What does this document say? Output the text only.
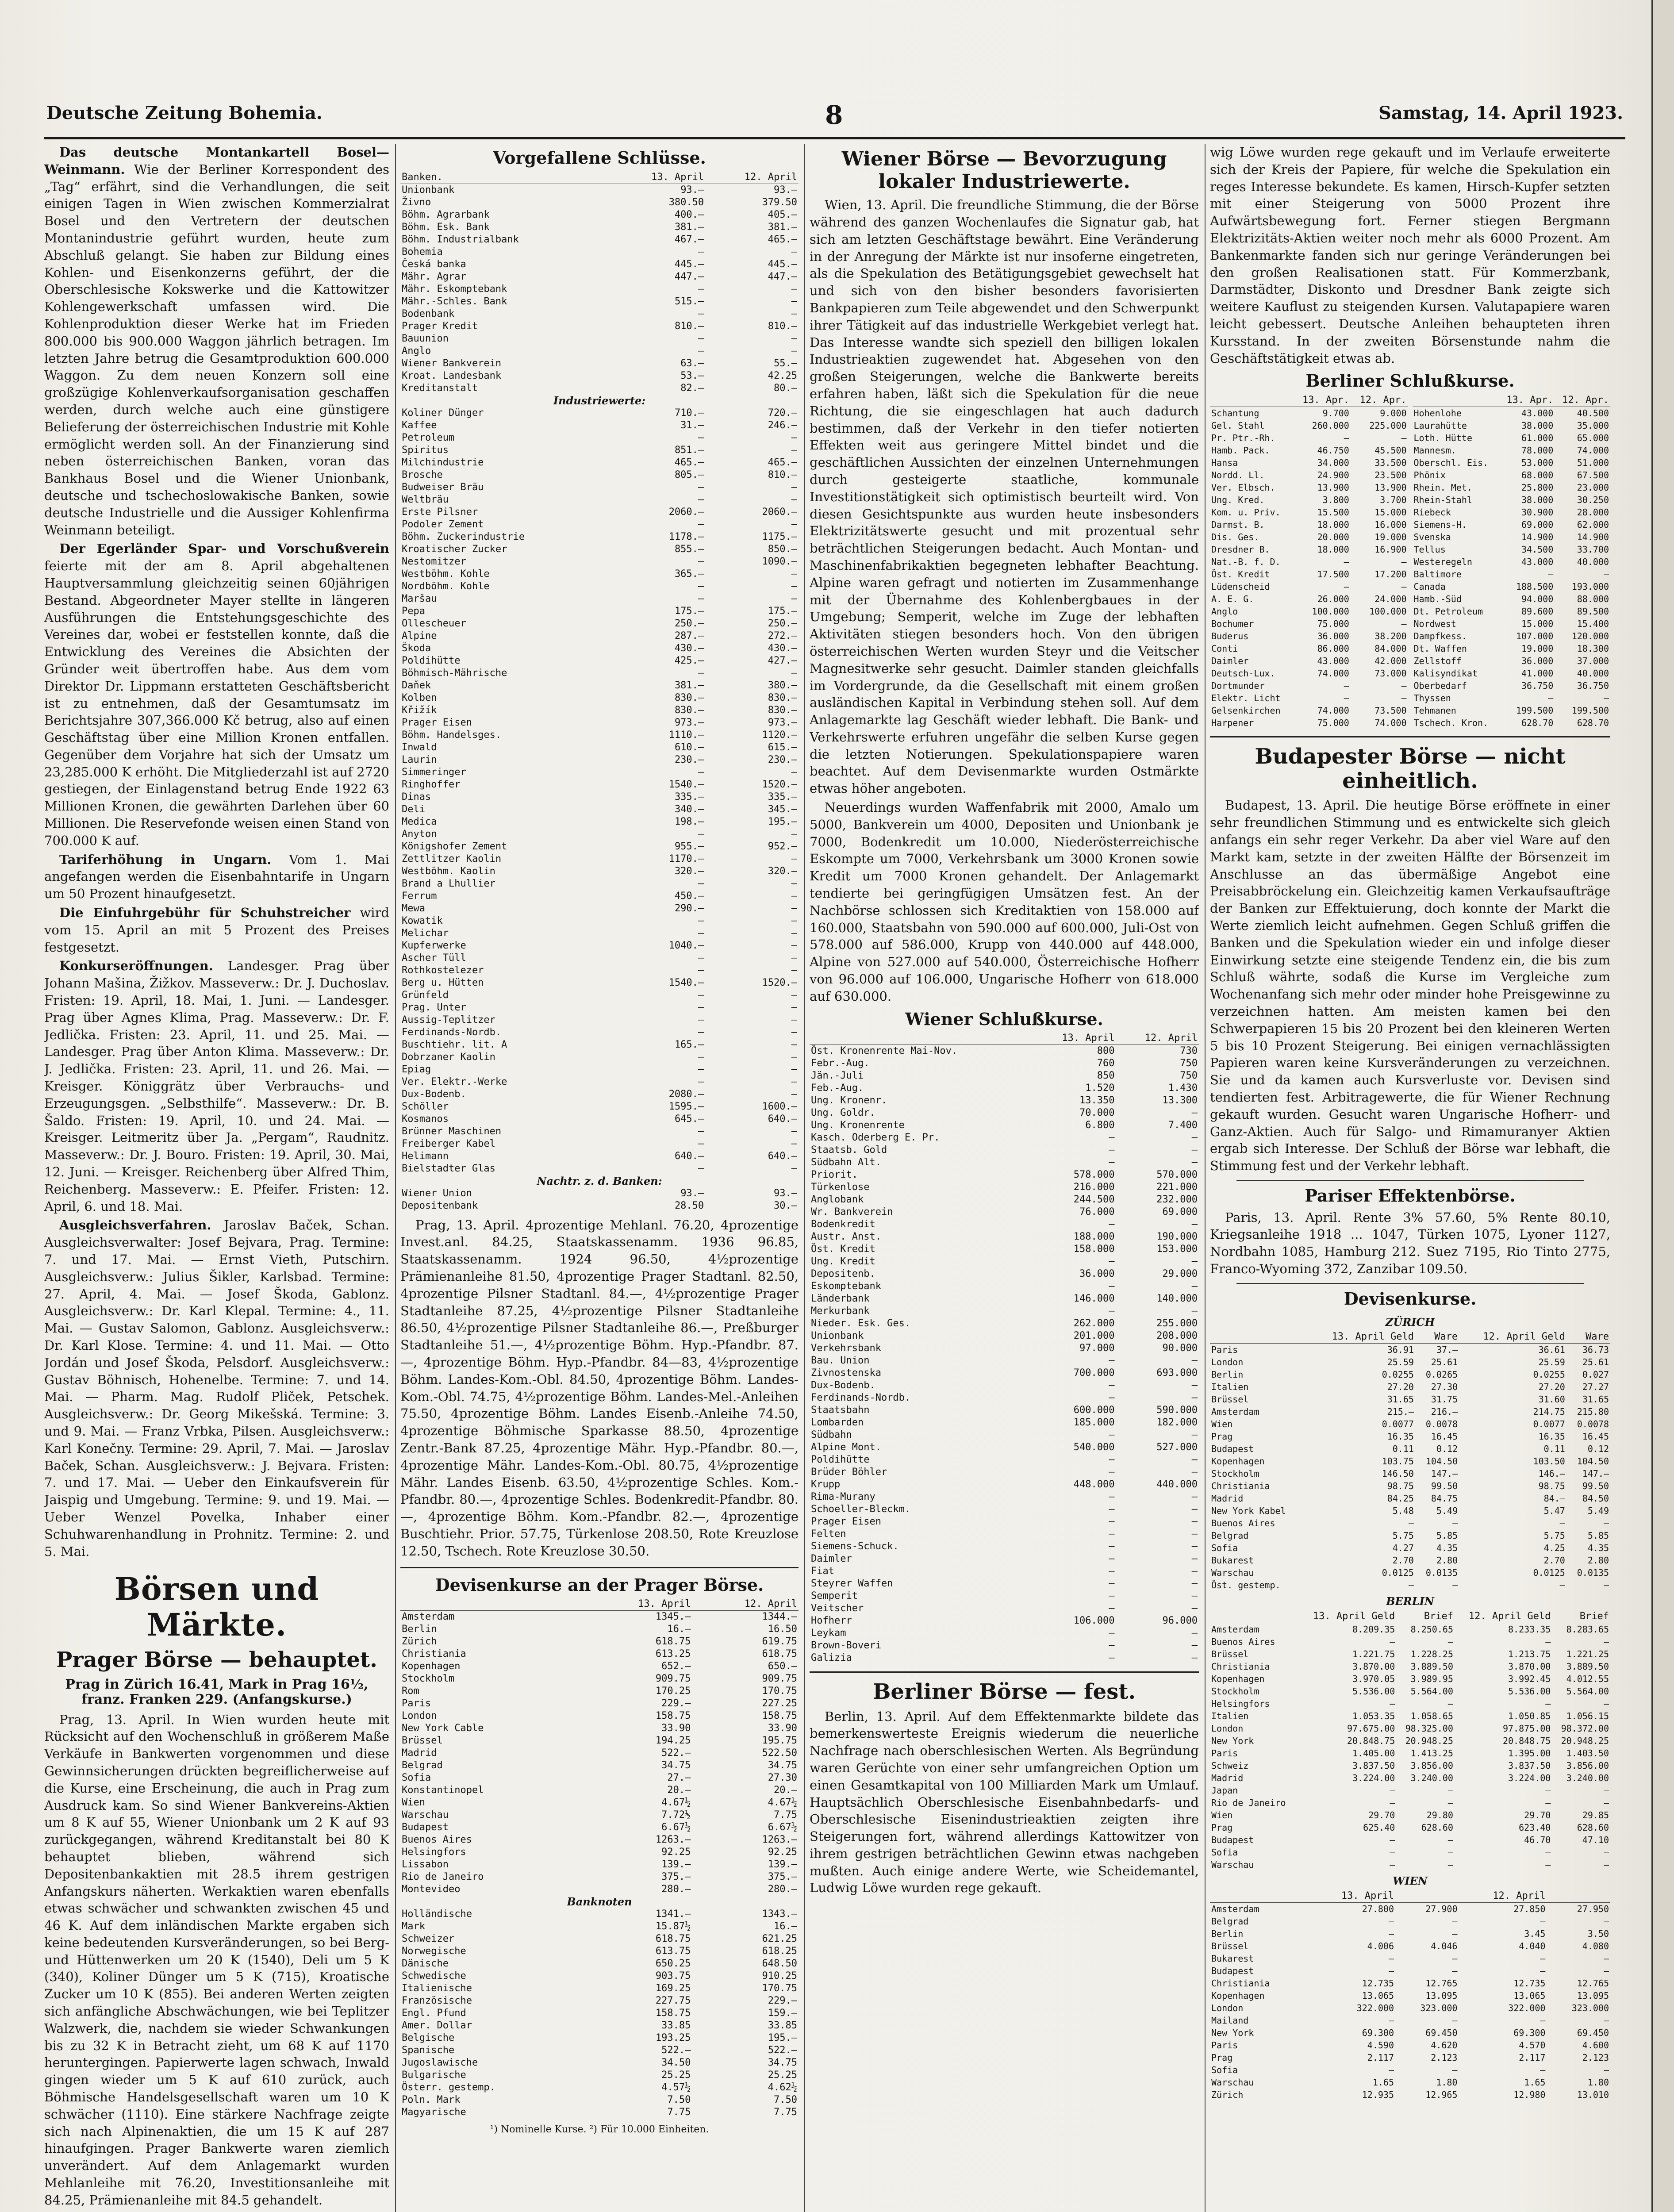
Deutsche Zeitung Bohemia.	8	Samstag, 14. April 1923.

Das deutsche Montankartell Bosel—Weinmann. Wie der Berliner Korrespondent des „Tag“ erfährt, sind die Verhandlungen, die seit einigen Tagen in Wien zwischen Kommerzialrat Bosel und den Vertretern der deutschen Montanindustrie geführt wurden, heute zum Abschluß gelangt. Sie haben zur Bildung eines Kohlen- und Eisenkonzerns geführt, der die Oberschlesische Kokswerke und die Kattowitzer Kohlengewerkschaft umfassen wird. Die Kohlenproduktion dieser Werke hat im Frieden 800.000 bis 900.000 Waggon jährlich betragen. Im letzten Jahre betrug die Gesamtproduktion 600.000 Waggon. Zu dem neuen Konzern soll eine großzügige Kohlenverkaufsorganisation geschaffen werden, durch welche auch eine günstigere Belieferung der österreichischen Industrie mit Kohle ermöglicht werden soll. An der Finanzierung sind neben österreichischen Banken, voran das Bankhaus Bosel und die Wiener Unionbank, deutsche und tschechoslowakische Banken, sowie deutsche Industrielle und die Aussiger Kohlenfirma Weinmann beteiligt.

Der Egerländer Spar- und Vorschußverein feierte mit der am 8. April abgehaltenen Hauptversammlung gleichzeitig seinen 60jährigen Bestand. Abgeordneter Mayer stellte in längeren Ausführungen die Entstehungsgeschichte des Vereines dar, wobei er feststellen konnte, daß die Entwicklung des Vereines die Absichten der Gründer weit übertroffen habe. Aus dem vom Direktor Dr. Lippmann erstatteten Geschäftsbericht ist zu entnehmen, daß der Gesamtumsatz im Berichtsjahre 307,366.000 Kč betrug, also auf einen Geschäftstag über eine Million Kronen entfallen. Gegenüber dem Vorjahre hat sich der Umsatz um 23,285.000 K erhöht. Die Mitgliederzahl ist auf 2720 gestiegen, der Einlagenstand betrug Ende 1922 63 Millionen Kronen, die gewährten Darlehen über 60 Millionen. Die Reservefonde weisen einen Stand von 700.000 K auf.

Tariferhöhung in Ungarn. Vom 1. Mai angefangen werden die Eisenbahntarife in Ungarn um 50 Prozent hinaufgesetzt.

Die Einfuhrgebühr für Schuhstreicher wird vom 15. April an mit 5 Prozent des Preises festgesetzt.

Konkurseröffnungen. Landesger. Prag über Johann Mašina, Žižkov. Masseverw.: Dr. J. Duchoslav. Fristen: 19. April, 18. Mai, 1. Juni. — Landesger. Prag über Agnes Klima, Prag. Masseverw.: Dr. F. Jedlička. Fristen: 23. April, 11. und 25. Mai. — Landesger. Prag über Anton Klima. Masseverw.: Dr. J. Jedlička. Fristen: 23. April, 11. und 26. Mai. — Kreisger. Königgrätz über Verbrauchs- und Erzeugungsgen. „Selbsthilfe“. Masseverw.: Dr. B. Šaldo. Fristen: 19. April, 10. und 24. Mai. — Kreisger. Leitmeritz über Ja. „Pergam“, Raudnitz. Masseverw.: Dr. J. Bouro. Fristen: 19. April, 30. Mai, 12. Juni. — Kreisger. Reichenberg über Alfred Thim, Reichenberg. Masseverw.: E. Pfeifer. Fristen: 12. April, 6. und 18. Mai.

Ausgleichsverfahren. Jaroslav Baček, Schan. Ausgleichsverwalter: Josef Bejvara, Prag. Termine: 7. und 17. Mai. — Ernst Vieth, Putschirn. Ausgleichsverw.: Julius Šikler, Karlsbad. Termine: 27. April, 4. Mai. — Josef Škoda, Gablonz. Ausgleichsverw.: Dr. Karl Klepal. Termine: 4., 11. Mai. — Gustav Salomon, Gablonz. Ausgleichsverw.: Dr. Karl Klose. Termine: 4. und 11. Mai. — Otto Jordán und Josef Škoda, Pelsdorf. Ausgleichsverw.: Gustav Böhnisch, Hohenelbe. Termine: 7. und 14. Mai. — Pharm. Mag. Rudolf Pliček, Petschek. Ausgleichsverw.: Dr. Georg Mikešská. Termine: 3. und 9. Mai. — Franz Vrbka, Pilsen. Ausgleichsverw.: Karl Konečny. Termine: 29. April, 7. Mai. — Jaroslav Baček, Schan. Ausgleichsverw.: J. Bejvara. Fristen: 7. und 17. Mai. — Ueber den Einkaufsverein für Jaispig und Umgebung. Termine: 9. und 19. Mai. — Ueber Wenzel Povelka, Inhaber einer Schuhwarenhandlung in Prohnitz. Termine: 2. und 5. Mai.

Börsen und Märkte.
Prager Börse — behauptet.
Prag in Zürich 16.41, Mark in Prag 16½, franz. Franken 229. (Anfangskurse.)

Prag, 13. April. In Wien wurden heute mit Rücksicht auf den Wochenschluß in größerem Maße Verkäufe in Bankwerten vorgenommen und diese Gewinnsicherungen drückten begreiflicherweise auf die Kurse, eine Erscheinung, die auch in Prag zum Ausdruck kam. So sind Wiener Bankvereins-Aktien um 8 K auf 55, Wiener Unionbank um 2 K auf 93 zurückgegangen, während Kreditanstalt bei 80 K behauptet blieben, während sich Depositenbankaktien mit 28.5 ihrem gestrigen Anfangskurs näherten. Werkaktien waren ebenfalls etwas schwächer und schwankten zwischen 45 und 46 K. Auf dem inländischen Markte ergaben sich keine bedeutenden Kursveränderungen, so bei Berg- und Hüttenwerken um 20 K (1540), Deli um 5 K (340), Koliner Dünger um 5 K (715), Kroatische Zucker um 10 K (855). Bei anderen Werten zeigten sich anfängliche Abschwächungen, wie bei Teplitzer Walzwerk, die, nachdem sie wieder Schwankungen bis zu 32 K in Betracht zieht, um 68 K auf 1170 heruntergingen. Papierwerte lagen schwach, Inwald gingen wieder um 5 K auf 610 zurück, auch Böhmische Handelsgesellschaft waren um 10 K schwächer (1110). Eine stärkere Nachfrage zeigte sich nach Alpinenaktien, die um 15 K auf 287 hinaufgingen. Prager Bankwerte waren ziemlich unverändert. Auf dem Anlagemarkt wurden Mehlanleihe mit 76.20, Investitionsanleihe mit 84.25, Prämienanleihe mit 84.5 gehandelt.

Vorgefallene Schlüsse.
Banken.	13. April	12. April
Unionbank	93.—	93.—
Živno	380.50	379.50
Böhm. Agrarbank	400.—	405.—
Böhm. Esk. Bank	381.—	381.—
Böhm. Industrialbank	467.—	465.—
Bohemia	—	—
Česká banka	445.—	445.—
Mähr. Agrar	447.—	447.—
Mähr. Eskomptebank	—	—
Mähr.-Schles. Bank	515.—	—
Bodenbank	—	—
Prager Kredit	810.—	810.—
Bauunion	—	—
Anglo	—	—
Wiener Bankverein	63.—	55.—
Kroat. Landesbank	53.—	42.25
Kreditanstalt	82.—	80.—
Industriewerte:		
Koliner Dünger	710.—	720.—
Kaffee	31.—	246.—
Petroleum	—	—
Spiritus	851.—	—
Milchindustrie	465.—	465.—
Brosche	805.—	810.—
Budweiser Bräu	—	—
Weltbräu	—	—
Erste Pilsner	2060.—	2060.—
Podoler Zement	—	—
Böhm. Zuckerindustrie	1178.—	1175.—
Kroatischer Zucker	855.—	850.—
Nestomitzer	—	1090.—
Westböhm. Kohle	365.—	—
Nordböhm. Kohle	—	—
Maršau	—	—
Pepa	175.—	175.—
Ollescheuer	250.—	250.—
Alpine	287.—	272.—
Škoda	430.—	430.—
Poldihütte	425.—	427.—
Böhmisch-Mährische	—	—
Daňek	381.—	380.—
Kolben	830.—	830.—
Křižík	830.—	830.—
Prager Eisen	973.—	973.—
Böhm. Handelsges.	1110.—	1120.—
Inwald	610.—	615.—
Laurin	230.—	230.—
Simmeringer	—	—
Ringhoffer	1540.—	1520.—
Dinas	335.—	335.—
Deli	340.—	345.—
Medica	198.—	195.—
Anyton	—	—
Königshofer Zement	955.—	952.—
Zettlitzer Kaolin	1170.—	—
Westböhm. Kaolin	320.—	320.—
Brand a Lhullier	—	—
Ferrum	450.—	—
Mewa	290.—	—
Kowatik	—	—
Melichar	—	—
Kupferwerke	1040.—	—
Ascher Tüll	—	—
Rothkostelezer	—	—
Berg u. Hütten	1540.—	1520.—
Grünfeld	—	—
Prag. Unter	—	—
Aussig-Teplitzer	—	—
Ferdinands-Nordb.	—	—
Buschtiehr. lit. A	165.—	—
Dobrzaner Kaolin	—	—
Epiag	—	—
Ver. Elektr.-Werke	—	—
Dux-Bodenb.	2080.—	—
Schöller	1595.—	1600.—
Kosmanos	645.—	640.—
Brünner Maschinen	—	—
Freiberger Kabel	—	—
Helimann	640.—	640.—
Bielstadter Glas	—	—
Nachtr. z. d. Banken:		
Wiener Union	93.—	93.—
Depositenbank	28.50	30.—

Prag, 13. April. 4prozentige Mehlanl. 76.20, 4prozentige Invest.anl. 84.25, Staatskassenamm. 1936 96.85, Staatskassenamm. 1924 96.50, 4½prozentige Prämienanleihe 81.50, 4prozentige Prager Stadtanl. 82.50, 4prozentige Pilsner Stadtanl. 84.—, 4½prozentige Prager Stadtanleihe 87.25, 4½prozentige Pilsner Stadtanleihe 86.50, 4½prozentige Pilsner Stadtanleihe 86.—, Preßburger Stadtanleihe 51.—, 4½prozentige Böhm. Hyp.-Pfandbr. 87.—, 4prozentige Böhm. Hyp.-Pfandbr. 84—83, 4½prozentige Böhm. Landes-Kom.-Obl. 84.50, 4prozentige Böhm. Landes-Kom.-Obl. 74.75, 4½prozentige Böhm. Landes-Mel.-Anleihen 75.50, 4prozentige Böhm. Landes Eisenb.-Anleihe 74.50, 4prozentige Böhmische Sparkasse 88.50, 4prozentige Zentr.-Bank 87.25, 4prozentige Mähr. Hyp.-Pfandbr. 80.—, 4prozentige Mähr. Landes-Kom.-Obl. 80.75, 4½prozentige Mähr. Landes Eisenb. 63.50, 4½prozentige Schles. Kom.-Pfandbr. 80.—, 4prozentige Schles. Bodenkredit-Pfandbr. 80.—, 4prozentige Böhm. Kom.-Pfandbr. 82.—, 4prozentige Buschtiehr. Prior. 57.75, Türkenlose 208.50, Rote Kreuzlose 12.50, Tschech. Rote Kreuzlose 30.50.

Devisenkurse an der Prager Börse.
	13. April	12. April
Amsterdam	1345.—	1344.—
Berlin	16.—	16.50
Zürich	618.75	619.75
Christiania	613.25	618.75
Kopenhagen	652.—	650.—
Stockholm	909.75	909.75
Rom	170.25	170.75
Paris	229.—	227.25
London	158.75	158.75
New York Cable	33.90	33.90
Brüssel	194.25	195.75
Madrid	522.—	522.50
Belgrad	34.75	34.75
Sofia	27.—	27.30
Konstantinopel	20.—	20.—
Wien	4.67½	4.67½
Warschau	7.72½	7.75
Budapest	6.67½	6.67½
Buenos Aires	1263.—	1263.—
Helsingfors	92.25	92.25
Lissabon	139.—	139.—
Rio de Janeiro	375.—	375.—
Montevideo	280.—	280.—
Banknoten		
Holländische	1341.—	1343.—
Mark	15.87½	16.—
Schweizer	618.75	621.25
Norwegische	613.75	618.25
Dänische	650.25	648.50
Schwedische	903.75	910.25
Italienische	169.25	170.75
Französische	227.75	229.—
Engl. Pfund	158.75	159.—
Amer. Dollar	33.85	33.85
Belgische	193.25	195.—
Spanische	522.—	522.—
Jugoslawische	34.50	34.75
Bulgarische	25.25	25.25
Österr. gestemp.	4.57½	4.62½
Poln. Mark	7.50	7.50
Magyarische	7.75	7.75
¹) Nominelle Kurse. ²) Für 10.000 Einheiten.
Wiener Börse — Bevorzugung lokaler Industriewerte.

Wien, 13. April. Die freundliche Stimmung, die der Börse während des ganzen Wochenlaufes die Signatur gab, hat sich am letzten Geschäftstage bewährt. Eine Veränderung in der Anregung der Märkte ist nur insoferne eingetreten, als die Spekulation des Betätigungsgebiet gewechselt hat und sich von den bisher besonders favorisierten Bankpapieren zum Teile abgewendet und den Schwerpunkt ihrer Tätigkeit auf das industrielle Werkgebiet verlegt hat. Das Interesse wandte sich speziell den billigen lokalen Industrieaktien zugewendet hat. Abgesehen von den großen Steigerungen, welche die Bankwerte bereits erfahren haben, läßt sich die Spekulation für die neue Richtung, die sie eingeschlagen hat auch dadurch bestimmen, daß der Verkehr in den tiefer notierten Effekten weit aus geringere Mittel bindet und die geschäftlichen Aussichten der einzelnen Unternehmungen durch gesteigerte staatliche, kommunale Investitionstätigkeit sich optimistisch beurteilt wird. Von diesen Gesichtspunkte aus wurden heute insbesonders Elektrizitätswerte gesucht und mit prozentual sehr beträchtlichen Steigerungen bedacht. Auch Montan- und Maschinenfabrikaktien begegneten lebhafter Beachtung. Alpine waren gefragt und notierten im Zusammenhange mit der Übernahme des Kohlenbergbaues in der Umgebung; Semperit, welche im Zuge der lebhaften Aktivitäten stiegen besonders hoch. Von den übrigen österreichischen Werten wurden Steyr und die Veitscher Magnesitwerke sehr gesucht. Daimler standen gleichfalls im Vordergrunde, da die Gesellschaft mit einem großen ausländischen Kapital in Verbindung stehen soll. Auf dem Anlagemarkte lag Geschäft wieder lebhaft. Die Bank- und Verkehrswerte erfuhren ungefähr die selben Kurse gegen die letzten Notierungen. Spekulationspapiere waren beachtet. Auf dem Devisenmarkte wurden Ostmärkte etwas höher angeboten.

Neuerdings wurden Waffenfabrik mit 2000, Amalo um 5000, Bankverein um 4000, Depositen und Unionbank je 7000, Bodenkredit um 10.000, Niederösterreichische Eskompte um 7000, Verkehrsbank um 3000 Kronen sowie Kredit um 7000 Kronen gehandelt. Der Anlagemarkt tendierte bei geringfügigen Umsätzen fest. An der Nachbörse schlossen sich Kreditaktien von 158.000 auf 160.000, Staatsbahn von 590.000 auf 600.000, Juli-Ost von 578.000 auf 586.000, Krupp von 440.000 auf 448.000, Alpine von 527.000 auf 540.000, Österreichische Hofherr von 96.000 auf 106.000, Ungarische Hofherr von 618.000 auf 630.000.

Wiener Schlußkurse.
	13. April	12. April
Öst. Kronenrente Mai-Nov.	800	730
Febr.-Aug.	760	750
Jän.-Juli	850	750
Feb.-Aug.	1.520	1.430
Ung. Kronenr.	13.350	13.300
Ung. Goldr.	70.000	—
Ung. Kronenrente	6.800	7.400
Kasch. Oderberg E. Pr.	—	—
Staatsb. Gold	—	—
Südbahn Alt.	—	—
Priorit.	578.000	570.000
Türkenlose	216.000	221.000
Anglobank	244.500	232.000
Wr. Bankverein	76.000	69.000
Bodenkredit	—	—
Austr. Anst.	188.000	190.000
Öst. Kredit	158.000	153.000
Ung. Kredit	—	—
Depositenb.	36.000	29.000
Eskomptebank	—	—
Länderbank	146.000	140.000
Merkurbank	—	—
Nieder. Esk. Ges.	262.000	255.000
Unionbank	201.000	208.000
Verkehrsbank	97.000	90.000
Bau. Union	—	—
Zivnostenska	700.000	693.000
Dux-Bodenb.	—	—
Ferdinands-Nordb.	—	—
Staatsbahn	600.000	590.000
Lombarden	185.000	182.000
Südbahn	—	—
Alpine Mont.	540.000	527.000
Poldihütte	—	—
Brüder Böhler	—	—
Krupp	448.000	440.000
Rima-Murany	—	—
Schoeller-Bleckm.	—	—
Prager Eisen	—	—
Felten	—	—
Siemens-Schuck.	—	—
Daimler	—	—
Fiat	—	—
Steyrer Waffen	—	—
Semperit	—	—
Veitscher	—	—
Hofherr	106.000	96.000
Leykam	—	—
Brown-Boveri	—	—
Galizia	—	—
Berliner Börse — fest.

Berlin, 13. April. Auf dem Effektenmarkte bildete das bemerkenswerteste Ereignis wiederum die neuerliche Nachfrage nach oberschlesischen Werten. Als Begründung waren Gerüchte von einer sehr umfangreichen Option um einen Gesamtkapital von 100 Milliarden Mark um Umlauf. Hauptsächlich Oberschlesische Eisenbahnbedarfs- und Oberschlesische Eisenindustrieaktien zeigten ihre Steigerungen fort, während allerdings Kattowitzer von ihrem gestrigen beträchtlichen Gewinn etwas nachgeben mußten. Auch einige andere Werte, wie Scheidemantel, Ludwig Löwe wurden rege gekauft.

wig Löwe wurden rege gekauft und im Verlaufe erweiterte sich der Kreis der Papiere, für welche die Spekulation ein reges Interesse bekundete. Es kamen, Hirsch-Kupfer setzten mit einer Steigerung von 5000 Prozent ihre Aufwärtsbewegung fort. Ferner stiegen Bergmann Elektrizitäts-Aktien weiter noch mehr als 6000 Prozent. Am Bankenmarkte fanden sich nur geringe Veränderungen bei den großen Realisationen statt. Für Kommerzbank, Darmstädter, Diskonto und Dresdner Bank zeigte sich weitere Kauflust zu steigenden Kursen. Valutapapiere waren leicht gebessert. Deutsche Anleihen behaupteten ihren Kursstand. In der zweiten Börsenstunde nahm die Geschäftstätigkeit etwas ab.

Berliner Schlußkurse.
	13. Apr.	12. Apr.
Schantung	9.700	9.000
Gel. Stahl	260.000	225.000
Pr. Ptr.-Rh.	—	—
Hamb. Pack.	46.750	45.500
Hansa	34.000	33.500
Nordd. Ll.	24.900	23.500
Ver. Elbsch.	13.900	13.900
Ung. Kred.	3.800	3.700
Kom. u. Priv.	15.500	15.000
Darmst. B.	18.000	16.000
Dis. Ges.	20.000	19.000
Dresdner B.	18.000	16.900
Nat.-B. f. D.	—	—
Öst. Kredit	17.500	17.200
Lüdenscheid	—	—
A. E. G.	26.000	24.000
Anglo	100.000	100.000
Bochumer	75.000	—
Buderus	36.000	38.200
Conti	86.000	84.000
Daimler	43.000	42.000
Deutsch-Lux.	74.000	73.000
Dortmunder	—	—
Elektr. Licht	—	—
Gelsenkirchen	74.000	73.500
Harpener	75.000	74.000
	13. Apr.	12. Apr.
Hohenlohe	43.000	40.500
Laurahütte	38.000	35.000
Loth. Hütte	61.000	65.000
Mannesm.	78.000	74.000
Oberschl. Eis.	53.000	51.000
Phönix	68.000	67.500
Rhein. Met.	25.800	23.000
Rhein-Stahl	38.000	30.250
Riebeck	30.900	28.000
Siemens-H.	69.000	62.000
Svenska	14.900	14.900
Tellus	34.500	33.700
Westeregeln	43.000	40.000
Baltimore	—	—
Canada	188.500	193.000
Hamb.-Süd	94.000	88.000
Dt. Petroleum	89.600	89.500
Nordwest	15.000	15.400
Dampfkess.	107.000	120.000
Dt. Waffen	19.000	18.300
Zellstoff	36.000	37.000
Kalisyndikat	41.000	40.000
Oberbedarf	36.750	36.750
Thyssen	—	—
Tehmanen	199.500	199.500
Tschech. Kron.	628.70	628.70
Budapester Börse — nicht einheitlich.

Budapest, 13. April. Die heutige Börse eröffnete in einer sehr freundlichen Stimmung und es entwickelte sich gleich anfangs ein sehr reger Verkehr. Da aber viel Ware auf den Markt kam, setzte in der zweiten Hälfte der Börsenzeit im Anschlusse an das übermäßige Angebot eine Preisabbröckelung ein. Gleichzeitig kamen Verkaufsaufträge der Banken zur Effektuierung, doch konnte der Markt die Werte ziemlich leicht aufnehmen. Gegen Schluß griffen die Banken und die Spekulation wieder ein und infolge dieser Einwirkung setzte eine steigende Tendenz ein, die bis zum Schluß währte, sodaß die Kurse im Vergleiche zum Wochenanfang sich mehr oder minder hohe Preisgewinne zu verzeichnen hatten. Am meisten kamen bei den Schwerpapieren 15 bis 20 Prozent bei den kleineren Werten 5 bis 10 Prozent Steigerung. Bei einigen vernachlässigten Papieren waren keine Kursveränderungen zu verzeichnen. Sie und da kamen auch Kursverluste vor. Devisen sind tendierten fest. Arbitragewerte, die für Wiener Rechnung gekauft wurden. Gesucht waren Ungarische Hofherr- und Ganz-Aktien. Auch für Salgo- und Rimamuranyer Aktien ergab sich Interesse. Der Schluß der Börse war lebhaft, die Stimmung fest und der Verkehr lebhaft.

Pariser Effektenbörse.

Paris, 13. April. Rente 3% 57.60, 5% Rente 80.10, Kriegsanleihe 1918 ... 1047, Türken 1075, Lyoner 1127, Nordbahn 1085, Hamburg 212. Suez 7195, Rio Tinto 2775, Franco-Wyoming 372, Zanzibar 109.50.

Devisenkurse.
ZÜRICH
	13. April Geld	Ware	12. April Geld	Ware
Paris	36.91	37.—	36.61	36.73
London	25.59	25.61	25.59	25.61
Berlin	0.0255	0.0265	0.0255	0.027
Italien	27.20	27.30	27.20	27.27
Brüssel	31.65	31.75	31.60	31.65
Amsterdam	215.—	216.—	214.75	215.80
Wien	0.0077	0.0078	0.0077	0.0078
Prag	16.35	16.45	16.35	16.45
Budapest	0.11	0.12	0.11	0.12
Kopenhagen	103.75	104.50	103.50	104.50
Stockholm	146.50	147.—	146.—	147.—
Christiania	98.75	99.50	98.75	99.50
Madrid	84.25	84.75	84.—	84.50
New York Kabel	5.48	5.49	5.47	5.49
Buenos Aires	—	—	—	—
Belgrad	5.75	5.85	5.75	5.85
Sofia	4.27	4.35	4.25	4.35
Bukarest	2.70	2.80	2.70	2.80
Warschau	0.0125	0.0135	0.0125	0.0135
Öst. gestemp.	—	—	—	—
BERLIN
	13. April Geld	Brief	12. April Geld	Brief
Amsterdam	8.209.35	8.250.65	8.233.35	8.283.65
Buenos Aires	—	—	—	—
Brüssel	1.221.75	1.228.25	1.213.75	1.221.25
Christiania	3.870.00	3.889.50	3.870.00	3.889.50
Kopenhagen	3.970.05	3.989.95	3.992.45	4.012.55
Stockholm	5.536.00	5.564.00	5.536.00	5.564.00
Helsingfors	—	—	—	—
Italien	1.053.35	1.058.65	1.050.85	1.056.15
London	97.675.00	98.325.00	97.875.00	98.372.00
New York	20.848.75	20.948.25	20.848.75	20.948.25
Paris	1.405.00	1.413.25	1.395.00	1.403.50
Schweiz	3.837.50	3.856.00	3.837.50	3.856.00
Madrid	3.224.00	3.240.00	3.224.00	3.240.00
Japan	—	—	—	—
Rio de Janeiro	—	—	—	—
Wien	29.70	29.80	29.70	29.85
Prag	625.40	628.60	623.40	628.60
Budapest	—	—	46.70	47.10
Sofia	—	—	—	—
Warschau	—	—	—	—
WIEN
	13. April		12. April	
Amsterdam	27.800	27.900	27.850	27.950
Belgrad	—	—	—	—
Berlin	—	—	3.45	3.50
Brüssel	4.006	4.046	4.040	4.080
Bukarest	—	—	—	—
Budapest	—	—	—	—
Christiania	12.735	12.765	12.735	12.765
Kopenhagen	13.065	13.095	13.065	13.095
London	322.000	323.000	322.000	323.000
Mailand	—	—	—	—
New York	69.300	69.450	69.300	69.450
Paris	4.590	4.620	4.570	4.600
Prag	2.117	2.123	2.117	2.123
Sofia	—	—	—	—
Warschau	1.65	1.80	1.65	1.80
Zürich	12.935	12.965	12.980	13.010
